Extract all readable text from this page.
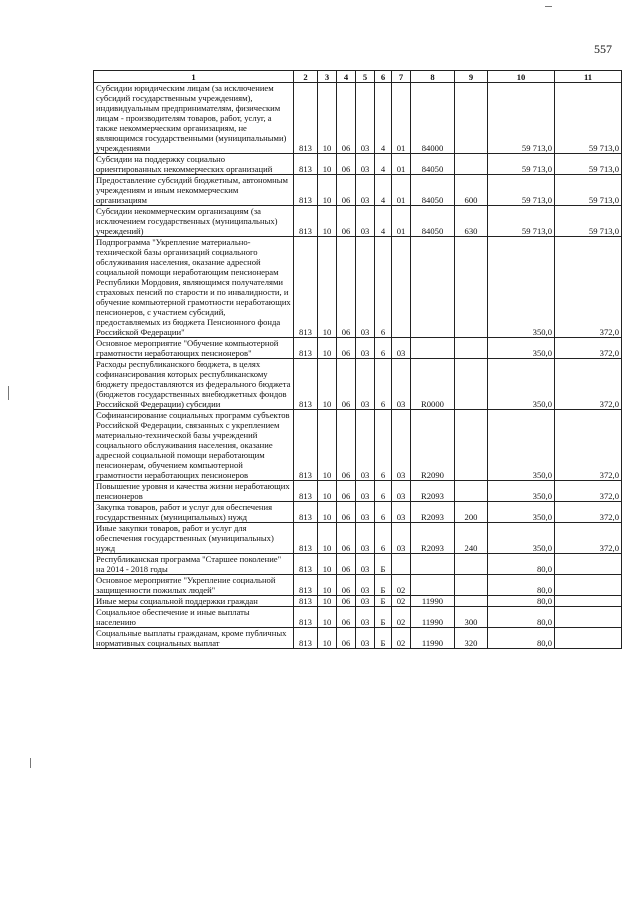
557
1	2	3	4	5	6	7	8	9	10	11
Субсидии юридическим лицам (за исключением субсидий государственным учреждениям), индивидуальным предпринимателям, физическим лицам - производителям товаров, работ, услуг, а также некоммерческим организациям, не являющимся государственными (муниципальными) учреждениями	813	10	06	03	4	01	84000		59 713,0	59 713,0
Субсидии на поддержку социально ориентированных некоммерческих организаций	813	10	06	03	4	01	84050		59 713,0	59 713,0
Предоставление субсидий бюджетным, автономным учреждениям и иным некоммерческим организациям	813	10	06	03	4	01	84050	600	59 713,0	59 713,0
Субсидии некоммерческим организациям (за исключением государственных (муниципальных) учреждений)	813	10	06	03	4	01	84050	630	59 713,0	59 713,0
Подпрограмма "Укрепление материально-технической базы организаций социального обслуживания населения, оказание адресной социальной помощи неработающим пенсионерам Республики Мордовия, являющимся получателями страховых пенсий по старости и по инвалидности, и обучение компьютерной грамотности неработающих пенсионеров, с участием субсидий, предоставляемых из бюджета Пенсионного фонда Российской Федерации"	813	10	06	03	6				350,0	372,0
Основное мероприятие "Обучение компьютерной грамотности неработающих пенсионеров"	813	10	06	03	6	03			350,0	372,0
Расходы республиканского бюджета, в целях софинансирования которых республиканскому бюджету предоставляются из федерального бюджета (бюджетов государственных внебюджетных фондов Российской Федерации) субсидии	813	10	06	03	6	03	R0000		350,0	372,0
Софинансирование социальных программ субъектов Российской Федерации, связанных с укреплением материально-технической базы учреждений социального обслуживания населения, оказание адресной социальной помощи неработающим пенсионерам, обучением компьютерной грамотности неработающих пенсионеров	813	10	06	03	6	03	R2090		350,0	372,0
Повышение уровня и качества жизни неработающих пенсионеров	813	10	06	03	6	03	R2093		350,0	372,0
Закупка товаров, работ и услуг для обеспечения государственных (муниципальных) нужд	813	10	06	03	6	03	R2093	200	350,0	372,0
Иные закупки товаров, работ и услуг для обеспечения государственных (муниципальных) нужд	813	10	06	03	6	03	R2093	240	350,0	372,0
Республиканская программа "Старшее поколение" на 2014 - 2018 годы	813	10	06	03	Б				80,0	
Основное мероприятие "Укрепление социальной защищенности пожилых людей"	813	10	06	03	Б	02			80,0	
Иные меры социальной поддержки граждан	813	10	06	03	Б	02	11990		80,0	
Социальное обеспечение и иные выплаты населению	813	10	06	03	Б	02	11990	300	80,0	
Социальные выплаты гражданам, кроме публичных нормативных социальных выплат	813	10	06	03	Б	02	11990	320	80,0	
